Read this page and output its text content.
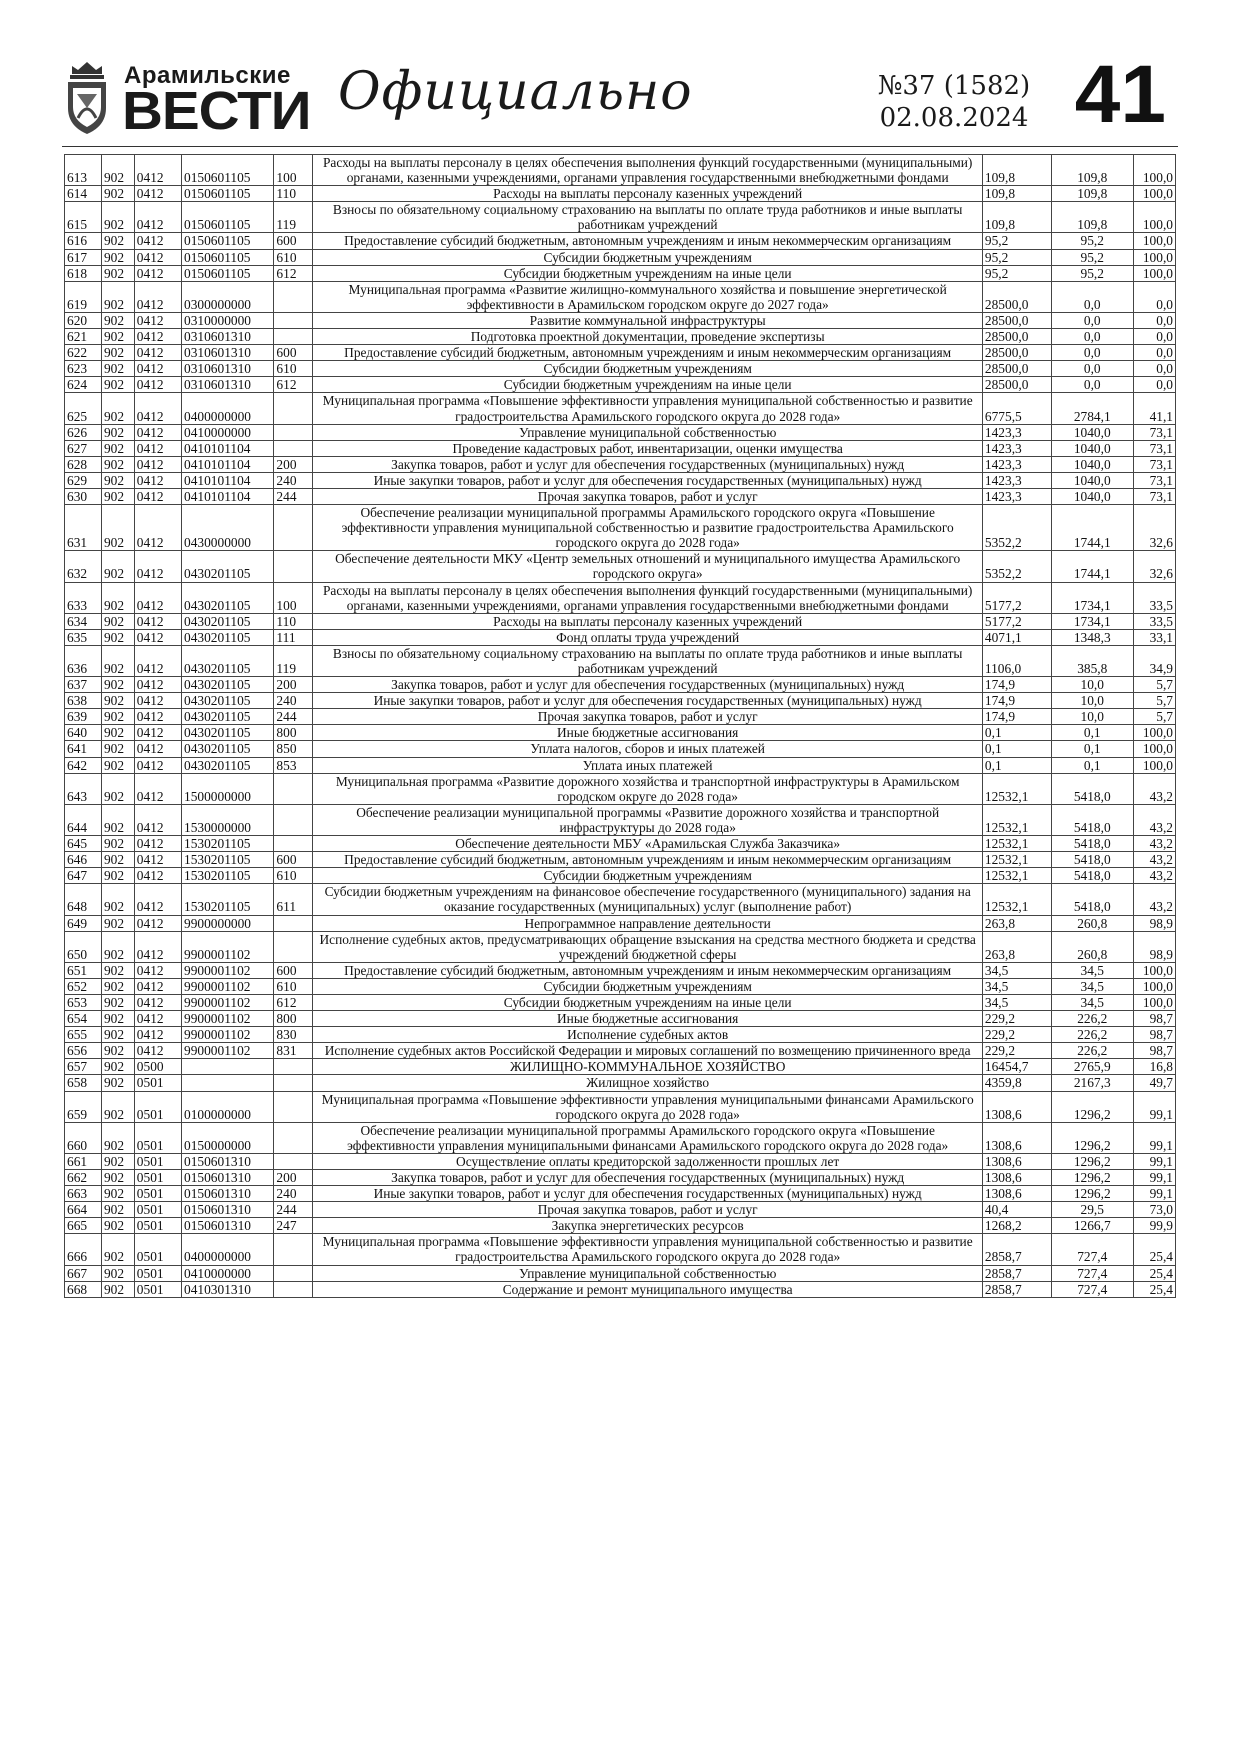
Арамильские
ВЕСТИ Официально	№37 (1582)
02.08.2024 41
613	902	0412	0150601105	100	Расходы на выплаты персоналу в целях обеспечения выполнения функций государственными (муниципальными) органами, казенными учреждениями, органами управления государственными внебюджетными фондами	109,8	109,8	100,0
614	902	0412	0150601105	110	Расходы на выплаты персоналу казенных учреждений	109,8	109,8	100,0
615	902	0412	0150601105	119	Взносы по обязательному социальному страхованию на выплаты по оплате труда работников и иные выплаты работникам учреждений	109,8	109,8	100,0
616	902	0412	0150601105	600	Предоставление субсидий бюджетным, автономным учреждениям и иным некоммерческим организациям	95,2	95,2	100,0
617	902	0412	0150601105	610	Субсидии бюджетным учреждениям	95,2	95,2	100,0
618	902	0412	0150601105	612	Субсидии бюджетным учреждениям на иные цели	95,2	95,2	100,0
619	902	0412	0300000000		Муниципальная программа «Развитие жилищно-коммунального хозяйства и повышение энергетической эффективности в Арамильском городском округе до 2027 года»	28500,0	0,0	0,0
620	902	0412	0310000000		Развитие коммунальной инфраструктуры	28500,0	0,0	0,0
621	902	0412	0310601310		Подготовка проектной документации, проведение экспертизы	28500,0	0,0	0,0
622	902	0412	0310601310	600	Предоставление субсидий бюджетным, автономным учреждениям и иным некоммерческим организациям	28500,0	0,0	0,0
623	902	0412	0310601310	610	Субсидии бюджетным учреждениям	28500,0	0,0	0,0
624	902	0412	0310601310	612	Субсидии бюджетным учреждениям на иные цели	28500,0	0,0	0,0
625	902	0412	0400000000		Муниципальная программа «Повышение эффективности управления муниципальной собственностью и развитие градостроительства Арамильского городского округа до 2028 года»	6775,5	2784,1	41,1
626	902	0412	0410000000		Управление муниципальной собственностью	1423,3	1040,0	73,1
627	902	0412	0410101104		Проведение кадастровых работ, инвентаризации, оценки имущества	1423,3	1040,0	73,1
628	902	0412	0410101104	200	Закупка товаров, работ и услуг для обеспечения государственных (муниципальных) нужд	1423,3	1040,0	73,1
629	902	0412	0410101104	240	Иные закупки товаров, работ и услуг для обеспечения государственных (муниципальных) нужд	1423,3	1040,0	73,1
630	902	0412	0410101104	244	Прочая закупка товаров, работ и услуг	1423,3	1040,0	73,1
631	902	0412	0430000000		Обеспечение реализации муниципальной программы Арамильского городского округа «Повышение эффективности управления муниципальной собственностью и развитие градостроительства Арамильского городского округа до 2028 года»	5352,2	1744,1	32,6
632	902	0412	0430201105		Обеспечение деятельности МКУ «Центр земельных отношений и муниципального имущества Арамильского городского округа»	5352,2	1744,1	32,6
633	902	0412	0430201105	100	Расходы на выплаты персоналу в целях обеспечения выполнения функций государственными (муниципальными) органами, казенными учреждениями, органами управления государственными внебюджетными фондами	5177,2	1734,1	33,5
634	902	0412	0430201105	110	Расходы на выплаты персоналу казенных учреждений	5177,2	1734,1	33,5
635	902	0412	0430201105	111	Фонд оплаты труда учреждений	4071,1	1348,3	33,1
636	902	0412	0430201105	119	Взносы по обязательному социальному страхованию на выплаты по оплате труда работников и иные выплаты работникам учреждений	1106,0	385,8	34,9
637	902	0412	0430201105	200	Закупка товаров, работ и услуг для обеспечения государственных (муниципальных) нужд	174,9	10,0	5,7
638	902	0412	0430201105	240	Иные закупки товаров, работ и услуг для обеспечения государственных (муниципальных) нужд	174,9	10,0	5,7
639	902	0412	0430201105	244	Прочая закупка товаров, работ и услуг	174,9	10,0	5,7
640	902	0412	0430201105	800	Иные бюджетные ассигнования	0,1	0,1	100,0
641	902	0412	0430201105	850	Уплата налогов, сборов и иных платежей	0,1	0,1	100,0
642	902	0412	0430201105	853	Уплата иных платежей	0,1	0,1	100,0
643	902	0412	1500000000		Муниципальная программа «Развитие дорожного хозяйства и транспортной инфраструктуры в Арамильском городском округе до 2028 года»	12532,1	5418,0	43,2
644	902	0412	1530000000		Обеспечение реализации муниципальной программы «Развитие дорожного хозяйства и транспортной инфраструктуры до 2028 года»	12532,1	5418,0	43,2
645	902	0412	1530201105		Обеспечение деятельности МБУ «Арамильская Служба Заказчика»	12532,1	5418,0	43,2
646	902	0412	1530201105	600	Предоставление субсидий бюджетным, автономным учреждениям и иным некоммерческим организациям	12532,1	5418,0	43,2
647	902	0412	1530201105	610	Субсидии бюджетным учреждениям	12532,1	5418,0	43,2
648	902	0412	1530201105	611	Субсидии бюджетным учреждениям на финансовое обеспечение государственного (муниципального) задания на оказание государственных (муниципальных) услуг (выполнение работ)	12532,1	5418,0	43,2
649	902	0412	9900000000		Непрограммное направление деятельности	263,8	260,8	98,9
650	902	0412	9900001102		Исполнение судебных актов, предусматривающих обращение взыскания на средства местного бюджета и средства учреждений бюджетной сферы	263,8	260,8	98,9
651	902	0412	9900001102	600	Предоставление субсидий бюджетным, автономным учреждениям и иным некоммерческим организациям	34,5	34,5	100,0
652	902	0412	9900001102	610	Субсидии бюджетным учреждениям	34,5	34,5	100,0
653	902	0412	9900001102	612	Субсидии бюджетным учреждениям на иные цели	34,5	34,5	100,0
654	902	0412	9900001102	800	Иные бюджетные ассигнования	229,2	226,2	98,7
655	902	0412	9900001102	830	Исполнение судебных актов	229,2	226,2	98,7
656	902	0412	9900001102	831	Исполнение судебных актов Российской Федерации и мировых соглашений по возмещению причиненного вреда	229,2	226,2	98,7
657	902	0500			ЖИЛИЩНО-КОММУНАЛЬНОЕ ХОЗЯЙСТВО	16454,7	2765,9	16,8
658	902	0501			Жилищное хозяйство	4359,8	2167,3	49,7
659	902	0501	0100000000		Муниципальная программа «Повышение эффективности управления муниципальными финансами Арамильского городского округа до 2028 года»	1308,6	1296,2	99,1
660	902	0501	0150000000		Обеспечение реализации муниципальной программы Арамильского городского округа «Повышение эффективности управления муниципальными финансами Арамильского городского округа до 2028 года»	1308,6	1296,2	99,1
661	902	0501	0150601310		Осуществление оплаты кредиторской задолженности прошлых лет	1308,6	1296,2	99,1
662	902	0501	0150601310	200	Закупка товаров, работ и услуг для обеспечения государственных (муниципальных) нужд	1308,6	1296,2	99,1
663	902	0501	0150601310	240	Иные закупки товаров, работ и услуг для обеспечения государственных (муниципальных) нужд	1308,6	1296,2	99,1
664	902	0501	0150601310	244	Прочая закупка товаров, работ и услуг	40,4	29,5	73,0
665	902	0501	0150601310	247	Закупка энергетических ресурсов	1268,2	1266,7	99,9
666	902	0501	0400000000		Муниципальная программа «Повышение эффективности управления муниципальной собственностью и развитие градостроительства Арамильского городского округа до 2028 года»	2858,7	727,4	25,4
667	902	0501	0410000000		Управление муниципальной собственностью	2858,7	727,4	25,4
668	902	0501	0410301310		Содержание и ремонт муниципального имущества	2858,7	727,4	25,4
